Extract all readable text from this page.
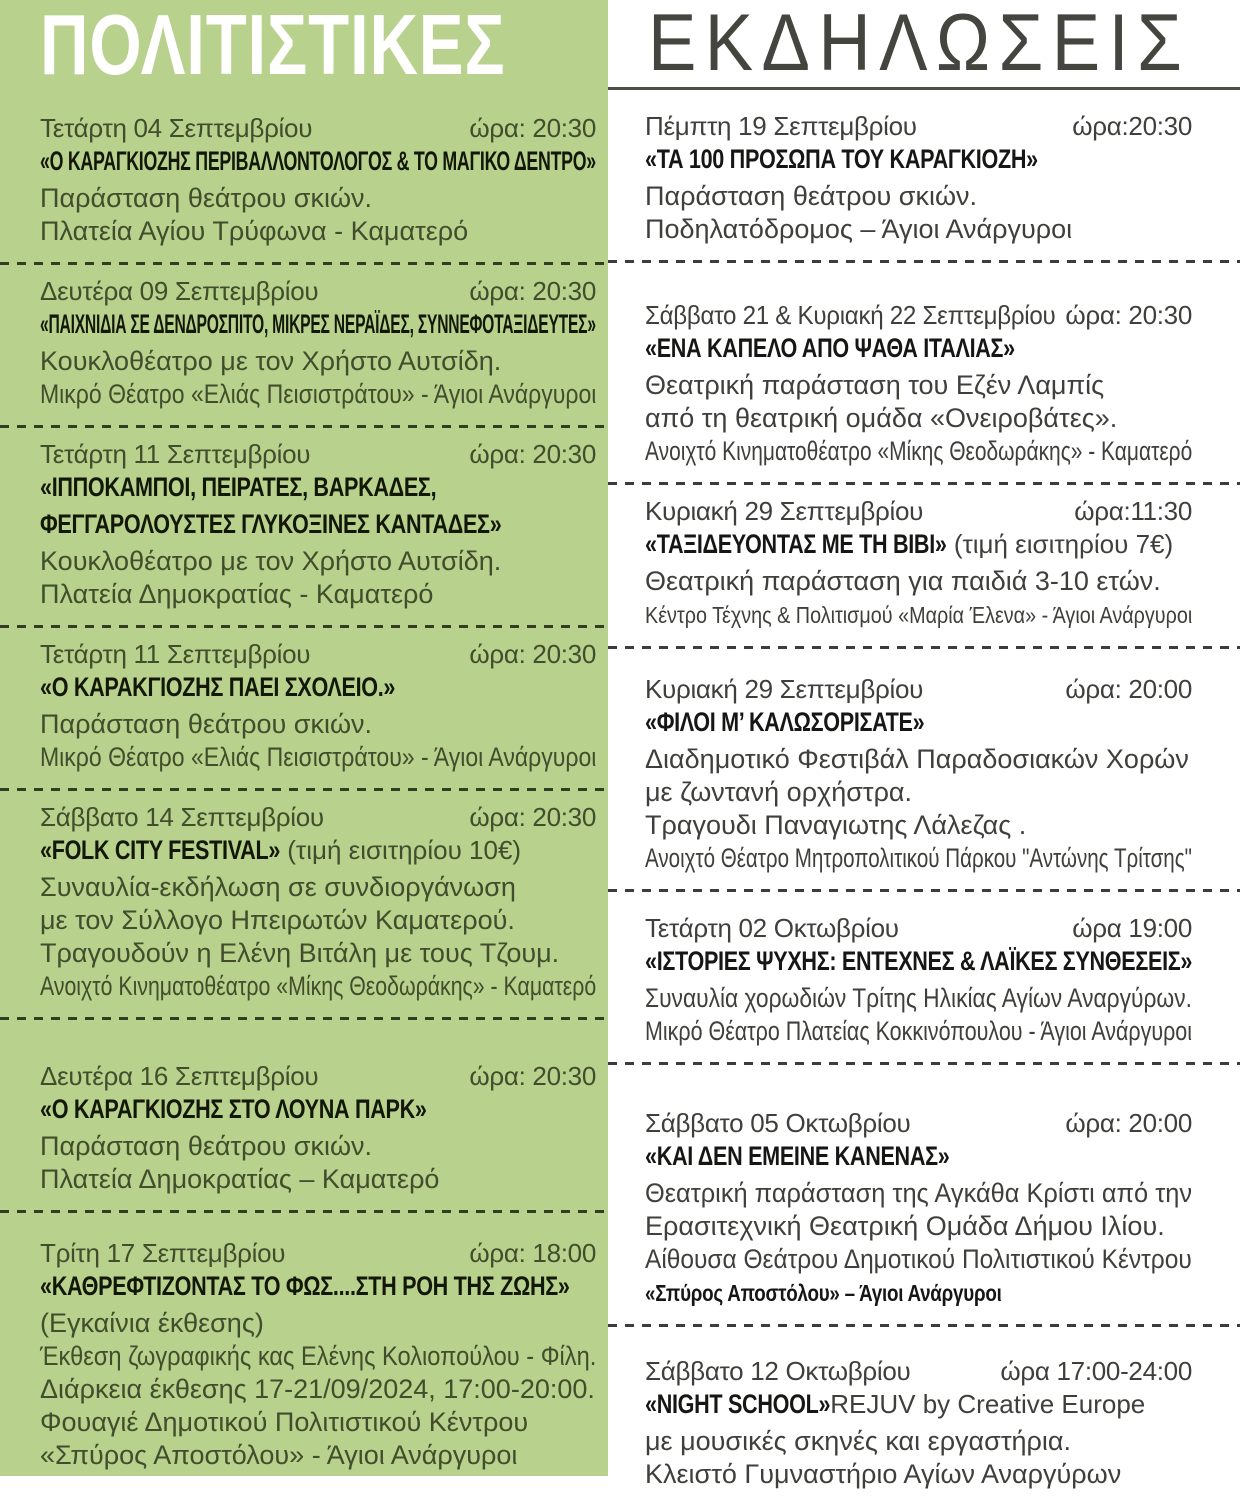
ΠΟΛΙΤΙΣΤΙΚΕΣ
Τετάρτη 04 Σεπτεμβρίου	ώρα: 20:30
«Ο ΚΑΡΑΓΚΙΟΖΗΣ ΠΕΡΙΒΑΛΛΟΝΤΟΛΟΓΟΣ & ΤΟ ΜΑΓΙΚΟ ΔΕΝΤΡΟ»
Παράσταση θεάτρου σκιών.
Πλατεία Αγίου Τρύφωνα - Καματερό
Δευτέρα 09 Σεπτεμβρίου	ώρα: 20:30
«ΠΑΙΧΝΙΔΙΑ ΣΕ ΔΕΝΔΡΟΣΠΙΤΟ, ΜΙΚΡΕΣ ΝΕΡΑΪΔΕΣ, ΣΥΝΝΕΦΟΤΑΞΙΔΕΥΤΕΣ»
Κουκλοθέατρο με τον Χρήστο Αυτσίδη.
Μικρό Θέατρο «Ελιάς Πεισιστράτου» - Άγιοι Ανάργυροι
Τετάρτη 11 Σεπτεμβρίου	ώρα: 20:30
«ΙΠΠΟΚΑΜΠΟΙ, ΠΕΙΡΑΤΕΣ, ΒΑΡΚΑΔΕΣ,
ΦΕΓΓΑΡΟΛΟΥΣΤΕΣ ΓΛΥΚΟΞΙΝΕΣ ΚΑΝΤΑΔΕΣ»
Κουκλοθέατρο με τον Χρήστο Αυτσίδη.
Πλατεία Δημοκρατίας - Καματερό
Τετάρτη 11 Σεπτεμβρίου	ώρα: 20:30
«Ο ΚΑΡΑΚΓΙΟΖΗΣ ΠΑΕΙ ΣΧΟΛΕΙΟ.»
Παράσταση θεάτρου σκιών.
Μικρό Θέατρο «Ελιάς Πεισιστράτου» - Άγιοι Ανάργυροι
Σάββατο 14 Σεπτεμβρίου	ώρα: 20:30
«FOLK CITY FESTIVAL» (τιμή εισιτηρίου 10€)
Συναυλία-εκδήλωση σε συνδιοργάνωση
με τον Σύλλογο Ηπειρωτών Καματερού.
Τραγουδούν η Ελένη Βιτάλη με τους Τζουμ.
Ανοιχτό Κινηματοθέατρο «Μίκης Θεοδωράκης» - Καματερό
Δευτέρα 16 Σεπτεμβρίου	ώρα: 20:30
«Ο ΚΑΡΑΓΚΙΟΖΗΣ ΣΤΟ ΛΟΥΝΑ ΠΑΡΚ»
Παράσταση θεάτρου σκιών.
Πλατεία Δημοκρατίας – Καματερό
Τρίτη 17 Σεπτεμβρίου	ώρα: 18:00
«ΚΑΘΡΕΦΤΙΖΟΝΤΑΣ ΤΟ ΦΩΣ....ΣΤΗ ΡΟΗ ΤΗΣ ΖΩΗΣ»
(Εγκαίνια έκθεσης)
Έκθεση ζωγραφικής κας Ελένης Κολιοπούλου - Φίλη.
Διάρκεια έκθεσης 17-21/09/2024, 17:00-20:00.
Φουαγιέ Δημοτικού Πολιτιστικού Κέντρου
«Σπύρος Αποστόλου» - Άγιοι Ανάργυροι
ΕΚΔΗΛΩΣΕΙΣ
Πέμπτη 19 Σεπτεμβρίου	ώρα:20:30
«ΤΑ 100 ΠΡΟΣΩΠΑ ΤΟΥ ΚΑΡΑΓΚΙΟΖΗ»
Παράσταση θεάτρου σκιών.
Ποδηλατόδρομος – Άγιοι Ανάργυροι
Σάββατο 21 & Κυριακή 22 Σεπτεμβρίου ώρα: 20:30
«ΕΝΑ ΚΑΠΕΛΟ ΑΠΟ ΨΑΘΑ ΙΤΑΛΙΑΣ»
Θεατρική παράσταση του Εζέν Λαμπίς
από τη θεατρική ομάδα «Ονειροβάτες».
Ανοιχτό Κινηματοθέατρο «Μίκης Θεοδωράκης» - Καματερό
Κυριακή 29 Σεπτεμβρίου	ώρα:11:30
«ΤΑΞΙΔΕΥΟΝΤΑΣ ΜΕ ΤΗ ΒΙΒΙ» (τιμή εισιτηρίου 7€)
Θεατρική παράσταση για παιδιά 3-10 ετών.
Κέντρο Τέχνης & Πολιτισμού «Μαρία Έλενα» - Άγιοι Ανάργυροι
Κυριακή 29 Σεπτεμβρίου	ώρα: 20:00
«ΦΙΛΟΙ Μ’ ΚΑΛΩΣΟΡΙΣΑΤΕ»
Διαδημοτικό Φεστιβάλ Παραδοσιακών Χορών
με ζωντανή ορχήστρα.
Τραγουδι Παναγιωτης Λάλεζας .
Ανοιχτό Θέατρο Μητροπολιτικού Πάρκου "Αντώνης Τρίτσης"
Τετάρτη 02 Οκτωβρίου	ώρα 19:00
«ΙΣΤΟΡΙΕΣ ΨΥΧΗΣ: ΕΝΤΕΧΝΕΣ & ΛΑΪΚΕΣ ΣΥΝΘΕΣΕΙΣ»
Συναυλία χορωδιών Τρίτης Ηλικίας Αγίων Αναργύρων.
Μικρό Θέατρο Πλατείας Κοκκινόπουλου - Άγιοι Ανάργυροι
Σάββατο 05 Οκτωβρίου	ώρα: 20:00
«ΚΑΙ ΔΕΝ ΕΜΕΙΝΕ ΚΑΝΕΝΑΣ»
Θεατρική παράσταση της Αγκάθα Κρίστι από την
Ερασιτεχνική Θεατρική Ομάδα Δήμου Ιλίου.
Αίθουσα Θεάτρου Δημοτικού Πολιτιστικού Κέντρου
«Σπύρος Αποστόλου» – Άγιοι Ανάργυροι
Σάββατο 12 Οκτωβρίου	ώρα 17:00-24:00
«NIGHT SCHOOL»REJUV by Creative Europe
με μουσικές σκηνές και εργαστήρια.
Κλειστό Γυμναστήριο Αγίων Αναργύρων
